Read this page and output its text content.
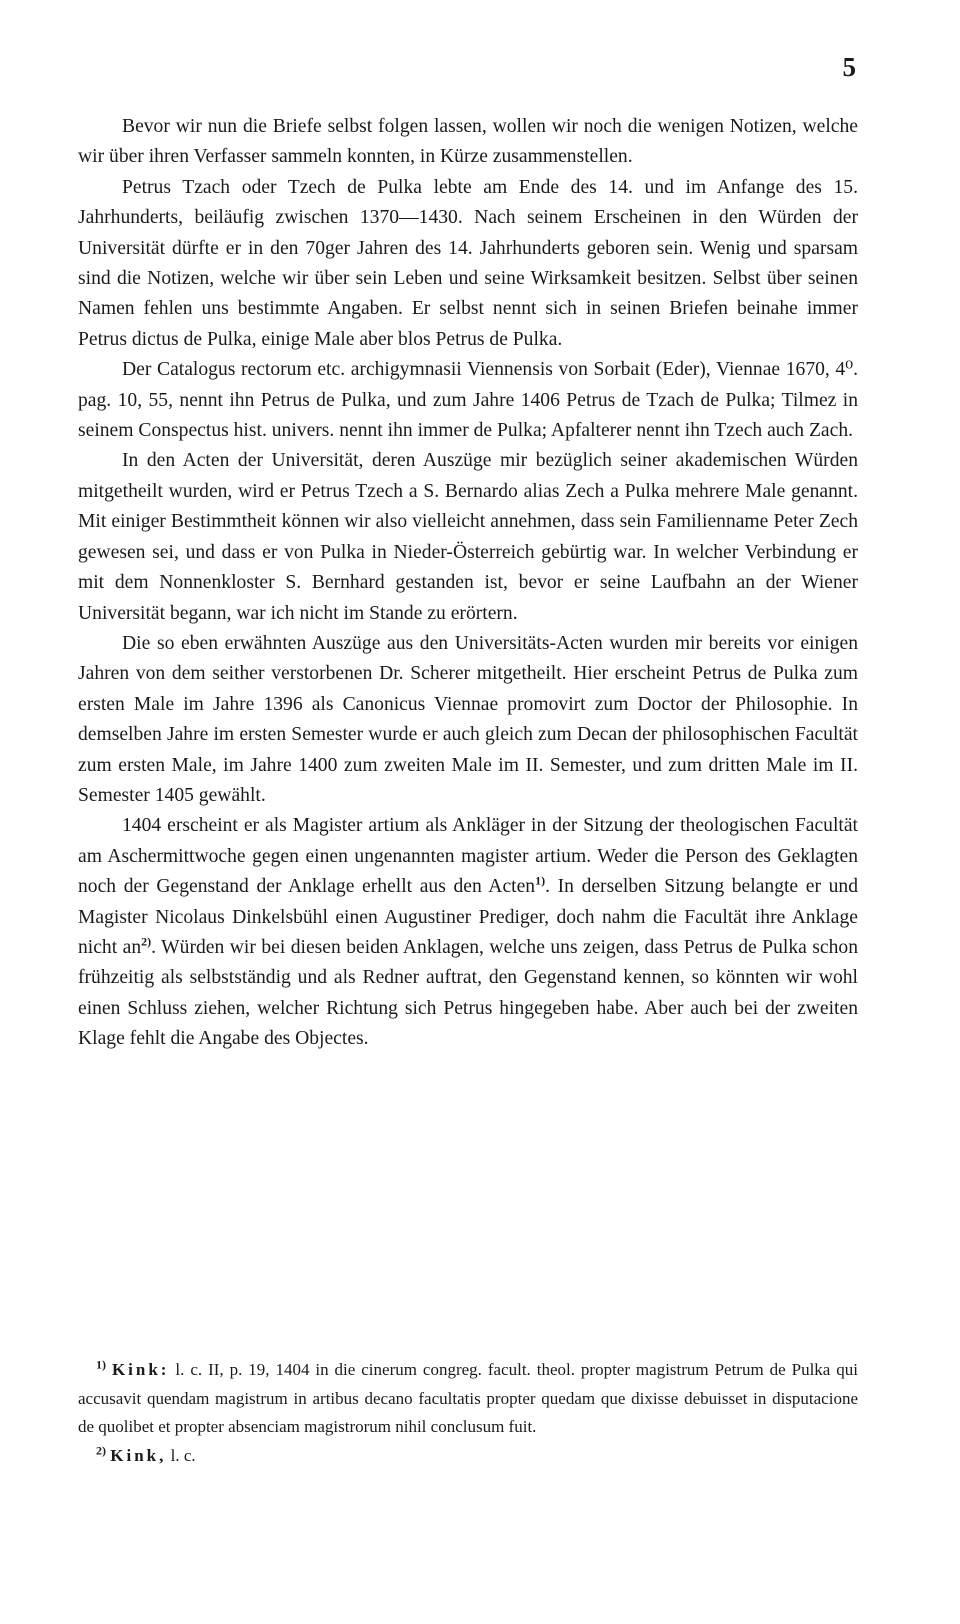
5

Bevor wir nun die Briefe selbst folgen lassen, wollen wir noch die wenigen Notizen, welche wir über ihren Verfasser sammeln konnten, in Kürze zusammenstellen.

Petrus Tzach oder Tzech de Pulka lebte am Ende des 14. und im Anfange des 15. Jahrhunderts, beiläufig zwischen 1370—1430. Nach seinem Erscheinen in den Würden der Universität dürfte er in den 70ger Jahren des 14. Jahrhunderts geboren sein. Wenig und sparsam sind die Notizen, welche wir über sein Leben und seine Wirksamkeit besitzen. Selbst über seinen Namen fehlen uns bestimmte Angaben. Er selbst nennt sich in seinen Briefen beinahe immer Petrus dictus de Pulka, einige Male aber blos Petrus de Pulka.

Der Catalogus rectorum etc. archigymnasii Viennensis von Sorbait (Eder), Viennae 1670, 4⁰. pag. 10, 55, nennt ihn Petrus de Pulka, und zum Jahre 1406 Petrus de Tzach de Pulka; Tilmez in seinem Conspectus hist. univers. nennt ihn immer de Pulka; Apfalterer nennt ihn Tzech auch Zach.

In den Acten der Universität, deren Auszüge mir bezüglich seiner akademischen Würden mitgetheilt wurden, wird er Petrus Tzech a S. Bernardo alias Zech a Pulka mehrere Male genannt. Mit einiger Bestimmtheit können wir also vielleicht annehmen, dass sein Familienname Peter Zech gewesen sei, und dass er von Pulka in Nieder-Österreich gebürtig war. In welcher Verbindung er mit dem Nonnenkloster S. Bernhard gestanden ist, bevor er seine Laufbahn an der Wiener Universität begann, war ich nicht im Stande zu erörtern.

Die so eben erwähnten Auszüge aus den Universitäts-Acten wurden mir bereits vor einigen Jahren von dem seither verstorbenen Dr. Scherer mitgetheilt. Hier erscheint Petrus de Pulka zum ersten Male im Jahre 1396 als Canonicus Viennae promovirt zum Doctor der Philosophie. In demselben Jahre im ersten Semester wurde er auch gleich zum Decan der philosophischen Facultät zum ersten Male, im Jahre 1400 zum zweiten Male im II. Semester, und zum dritten Male im II. Semester 1405 gewählt.

1404 erscheint er als Magister artium als Ankläger in der Sitzung der theologischen Facultät am Aschermittwoche gegen einen ungenannten magister artium. Weder die Person des Geklagten noch der Gegenstand der Anklage erhellt aus den Acten$^{1)}$. In derselben Sitzung belangte er und Magister Nicolaus Dinkelsbühl einen Augustiner Prediger, doch nahm die Facultät ihre Anklage nicht an$^{2)}$. Würden wir bei diesen beiden Anklagen, welche uns zeigen, dass Petrus de Pulka schon frühzeitig als selbstständig und als Redner auftrat, den Gegenstand kennen, so könnten wir wohl einen Schluss ziehen, welcher Richtung sich Petrus hingegeben habe. Aber auch bei der zweiten Klage fehlt die Angabe des Objectes.

$^{1)}$ Kink: l. c. II, p. 19, 1404 in die cinerum congreg. facult. theol. propter magistrum Petrum de Pulka qui accusavit quendam magistrum in artibus decano facultatis propter quedam que dixisse debuisset in disputacione de quolibet et propter absenciam magistrorum nihil conclusum fuit.

$^{2)}$ Kink, l. c.
